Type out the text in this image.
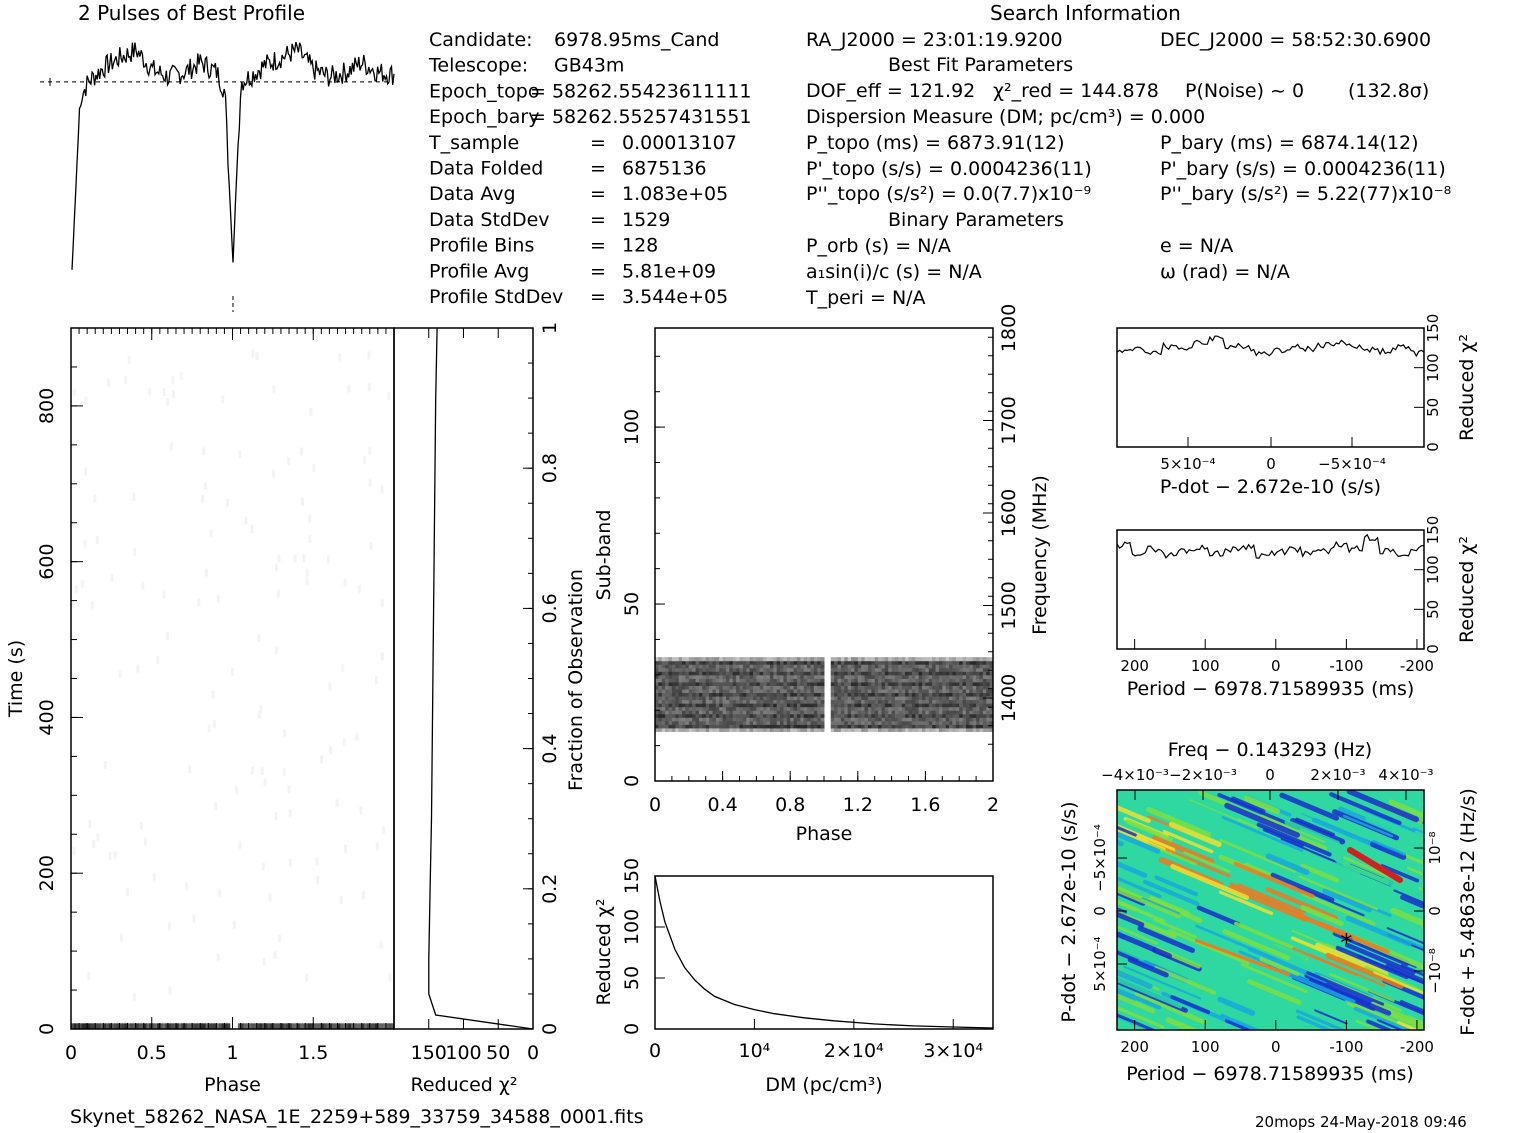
2 Pulses of Best Profile	Search Information
Best Fit Parameters
Binary Parameters
Candidate: 6978.95ms_Cand
Telescope: GB43m
Epoch_topo
= 58262.55423611111
Epoch_bary
= 58262.55257431551
T_sample	= 0.00013107
Data Folded = 6875136
Data Avg	= 1.083e+05
Data StdDev = 1529
Profile Bins	= 128
Profile Avg	= 5.81e+09
Profile StdDev = 3.544e+05
RA_J2000 = 23:01:19.9200	DEC_J2000 = 58:52:30.6900
DOF_eff = 121.92 χ²_red = 144.878 P(Noise) ~ 0 (132.8σ)
Dispersion Measure (DM; pc/cm³) = 0.000
P_topo (ms) = 6873.91(12)	P_bary (ms) = 6874.14(12)
P'_topo (s/s) = 0.0004236(11)	P'_bary (s/s) = 0.0004236(11)
P''_topo (s/s²) = 0.0(7.7)x10⁻⁹	P''_bary (s/s²) = 5.22(77)x10⁻⁸
P_orb (s) = N/A	e = N/A
a₁sin(i)/c (s) = N/A	ω (rad) = N/A
T_peri = N/A
0	0.5	1	1.5
Phase
0
200
400
600
800
Time (s)
150
100 50 0
Reduced χ²
0
0.2
0.4
0.6
0.8
1
Fraction of Observation
0 0.4 0.8 1.2 1.6 2
Phase
0
50
100
Sub-band
1400
1500
1600
1700
1800
Frequency (MHz)
0	10⁴	2×10⁴ 3×10⁴
DM (pc/cm³)
0
50
100
150
Reduced χ²
0
50
100
150
Reduced χ²
5×10⁻⁴	0	−5×10⁻⁴
P-dot − 2.672e-10 (s/s)
0
50
100
150
Reduced χ²
200	100	0	-100 -200
Period − 6978.71589935 (ms)
*
200	100	0	-100 -200
Period − 6978.71589935 (ms)
−4×10⁻³ −2×10⁻³ 0 2×10⁻³ 4×10⁻³
Freq − 0.143293 (Hz)
−5×10⁻⁴
0
5×10⁻⁴
P-dot − 2.672e-10 (s/s)	10⁻⁸
0
−10⁻⁸ F-dot + 5.4863e-12 (Hz/s)
Skynet_58262_NASA_1E_2259+589_33759_34588_0001.fits	20mops 24-May-2018 09:46
